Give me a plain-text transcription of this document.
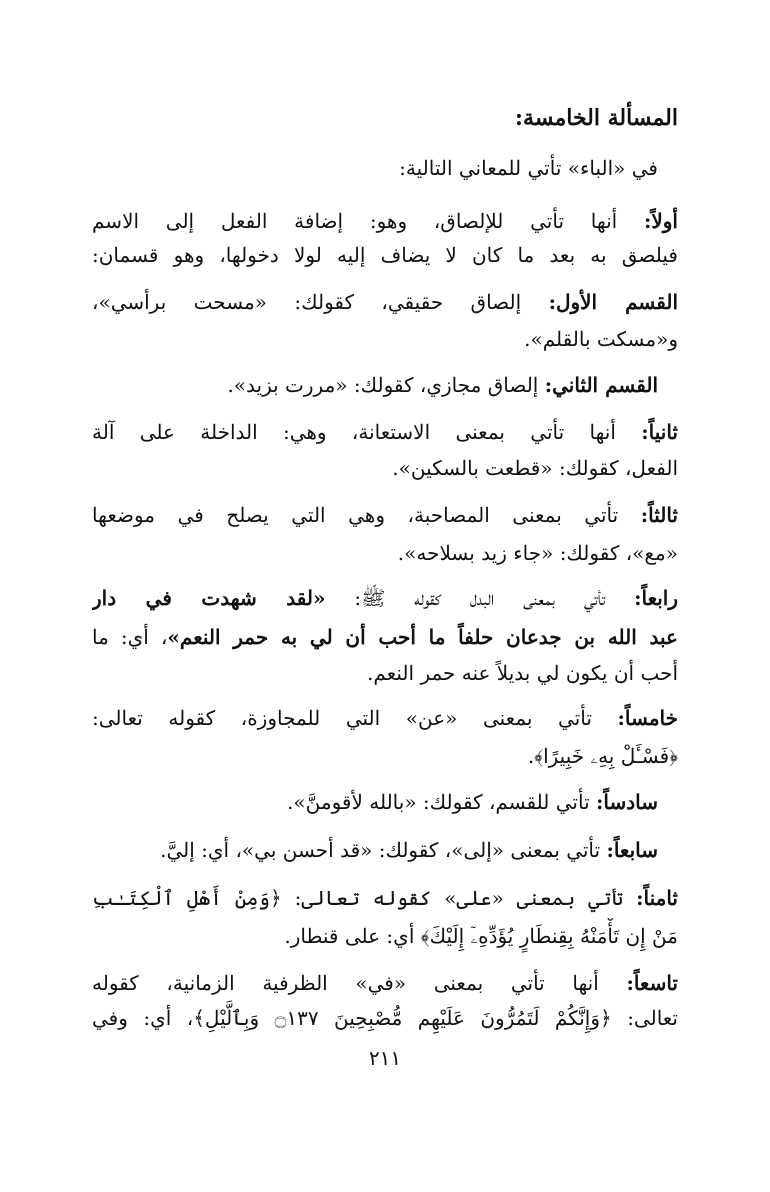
المسألة الخامسة:
في «الباء» تأتي للمعاني التالية:
أولاً: أنها تأتي للإلصاق، وهو: إضافة الفعل إلى الاسم
فيلصق به بعد ما كان لا يضاف إليه لولا دخولها، وهو قسمان:
القسم الأول: إلصاق حقيقي، كقولك: «مسحت برأسي»،
و«مسكت بالقلم».
القسم الثاني: إلصاق مجازي، كقولك: «مررت بزيد».
ثانياً: أنها تأتي بمعنى الاستعانة، وهي: الداخلة على آلة
الفعل، كقولك: «قطعت بالسكين».
ثالثاً: تأتي بمعنى المصاحبة، وهي التي يصلح في موضعها
«مع»، كقولك: «جاء زيد بسلاحه».
رابعاً: تأتي بمعنى البدل كقوله ﷺ: «لقد شهدت في دار
عبد الله بن جدعان حلفاً ما أحب أن لي به حمر النعم»، أي: ما
أحب أن يكون لي بديلاً عنه حمر النعم.
خامساً: تأتي بمعنى «عن» التي للمجاوزة، كقوله تعالى:
﴿فَسْـَٔلْ بِهِۦ خَبِيرًا﴾.
سادساً: تأتي للقسم، كقولك: «بالله لأقومنَّ».
سابعاً: تأتي بمعنى «إلى»، كقولك: «قد أحسن بي»، أي: إليَّ.
ثامناً: تأتي بمعنى «على» كقوله تعالى: ﴿وَمِنْ أَهْلِ ٱلْكِتَـٰبِ
مَنْ إِن تَأْمَنْهُ بِقِنطَارٍ يُؤَدِّهِۦٓ إِلَيْكَ﴾ أي: على قنطار.
تاسعاً: أنها تأتي بمعنى «في» الظرفية الزمانية، كقوله
تعالى: ﴿وَإِنَّكُمْ لَتَمُرُّونَ عَلَيْهِم مُّصْبِحِينَ ۝١٣٧ وَبِٱلَّيْلِ﴾، أي: وفي
٢١١
